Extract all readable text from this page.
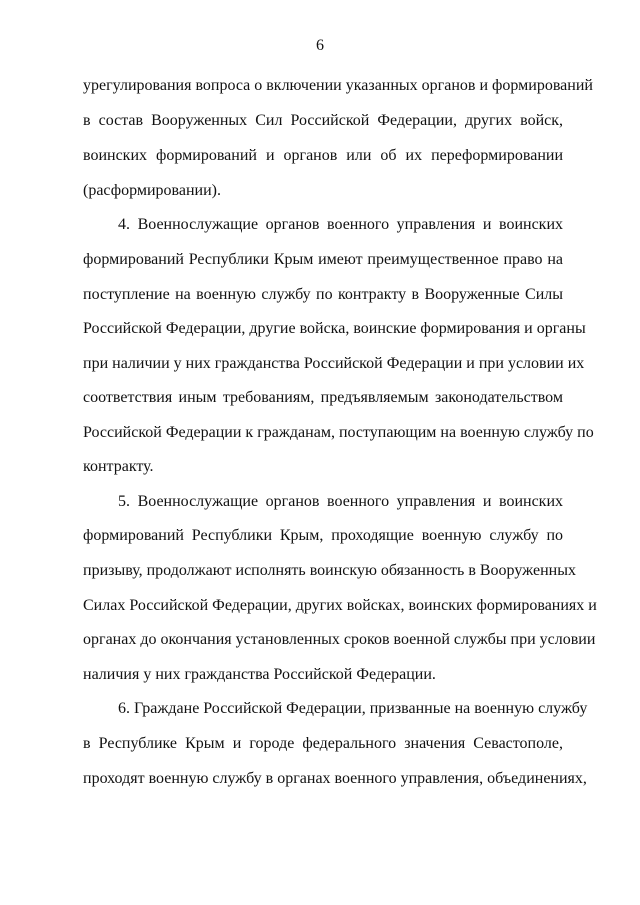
6
урегулирования вопроса о включении указанных органов и формирований
в состав Вооруженных Сил Российской Федерации, других войск,
воинских формирований и органов или об их переформировании
(расформировании).
4. Военнослужащие органов военного управления и воинских
формирований Республики Крым имеют преимущественное право на
поступление на военную службу по контракту в Вооруженные Силы
Российской Федерации, другие войска, воинские формирования и органы
при наличии у них гражданства Российской Федерации и при условии их
соответствия иным требованиям, предъявляемым законодательством
Российской Федерации к гражданам, поступающим на военную службу по
контракту.
5. Военнослужащие органов военного управления и воинских
формирований Республики Крым, проходящие военную службу по
призыву, продолжают исполнять воинскую обязанность в Вооруженных
Силах Российской Федерации, других войсках, воинских формированиях и
органах до окончания установленных сроков военной службы при условии
наличия у них гражданства Российской Федерации.
6. Граждане Российской Федерации, призванные на военную службу
в Республике Крым и городе федерального значения Севастополе,
проходят военную службу в органах военного управления, объединениях,
